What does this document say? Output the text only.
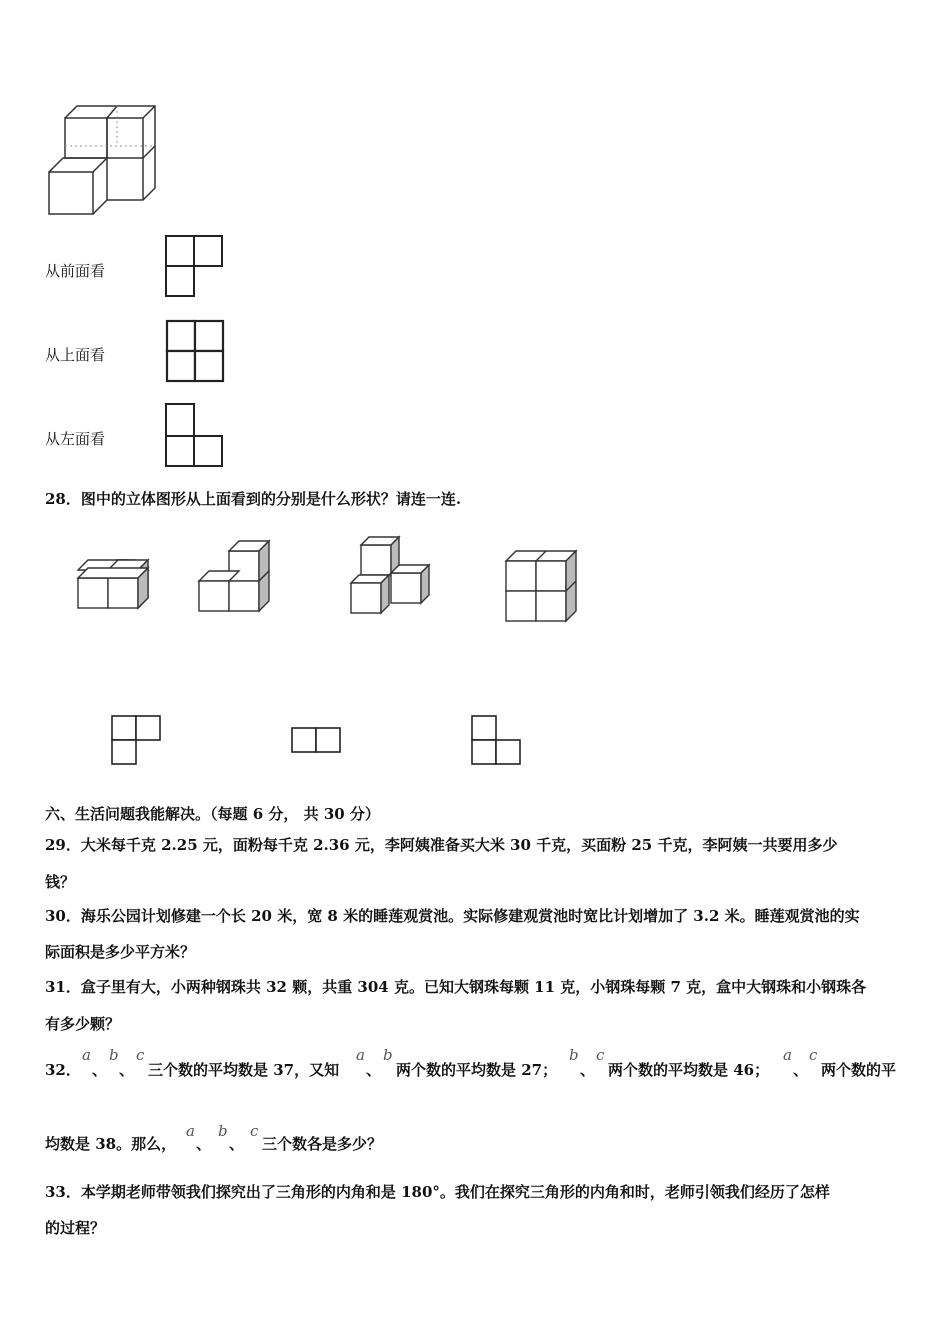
从前面看
从上面看
从左面看
28．图中的立体图形从上面看到的分别是什么形状？请连一连.
六、生活问题我能解决。（每题 6 分， 共 30 分）
29．大米每千克 2.25 元，面粉每千克 2.36 元，李阿姨准备买大米 30 千克，买面粉 25 千克，李阿姨一共要用多少
钱？
30．海乐公园计划修建一个长 20 米，宽 8 米的睡莲观赏池。实际修建观赏池时宽比计划增加了 3.2 米。睡莲观赏池的实
际面积是多少平方米？
31．盒子里有大，小两种钢珠共 32 颗，共重 304 克。已知大钢珠每颗 11 克，小钢珠每颗 7 克，盒中大钢珠和小钢珠各
有多少颗？
32．
a
、
b
、
c
三个数的平均数是 37，又知
a
、
b
两个数的平均数是 27；
b
、
c
两个数的平均数是 46；
a
、
c
两个数的平
均数是 38。那么，
a
、
b
、
c
三个数各是多少？
33．本学期老师带领我们探究出了三角形的内角和是 180°。我们在探究三角形的内角和时，老师引领我们经历了怎样
的过程？
